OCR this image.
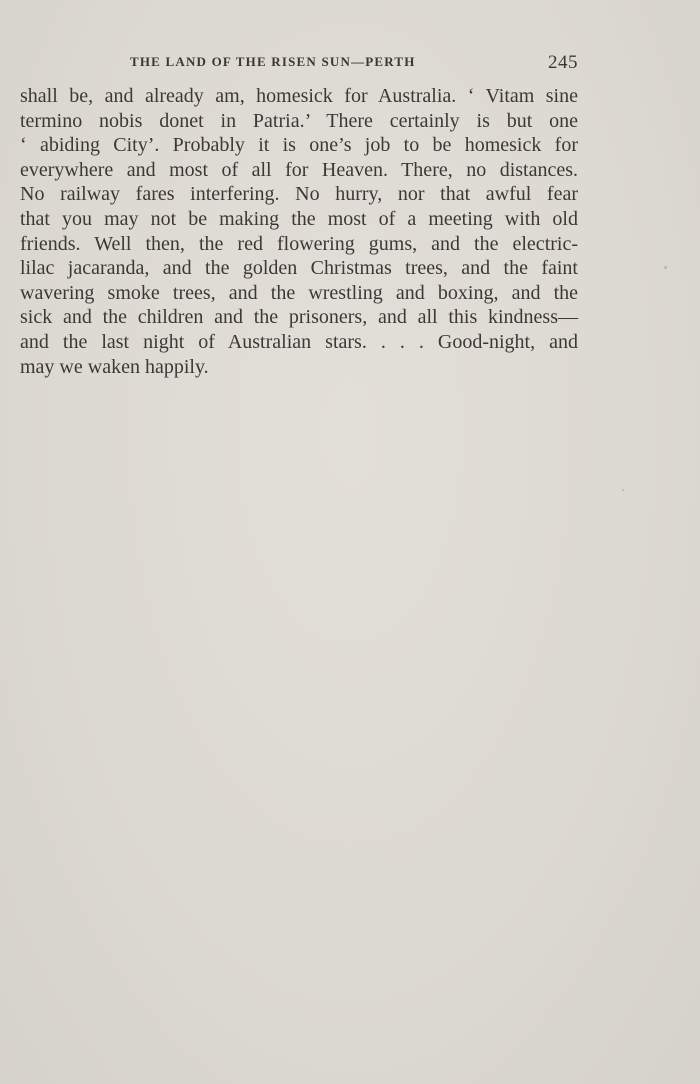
THE LAND OF THE RISEN SUN—PERTH	245
shall be, and already am, homesick for Australia. ‘ Vitam sine
termino nobis donet in Patria.’ There certainly is but one
‘ abiding City’. Probably it is one’s job to be homesick for
everywhere and most of all for Heaven. There, no distances.
No railway fares interfering. No hurry, nor that awful fear
that you may not be making the most of a meeting with old
friends. Well then, the red flowering gums, and the electric-
lilac jacaranda, and the golden Christmas trees, and the faint
wavering smoke trees, and the wrestling and boxing, and the
sick and the children and the prisoners, and all this kindness—
and the last night of Australian stars. . . . Good-night, and
may we waken happily.
